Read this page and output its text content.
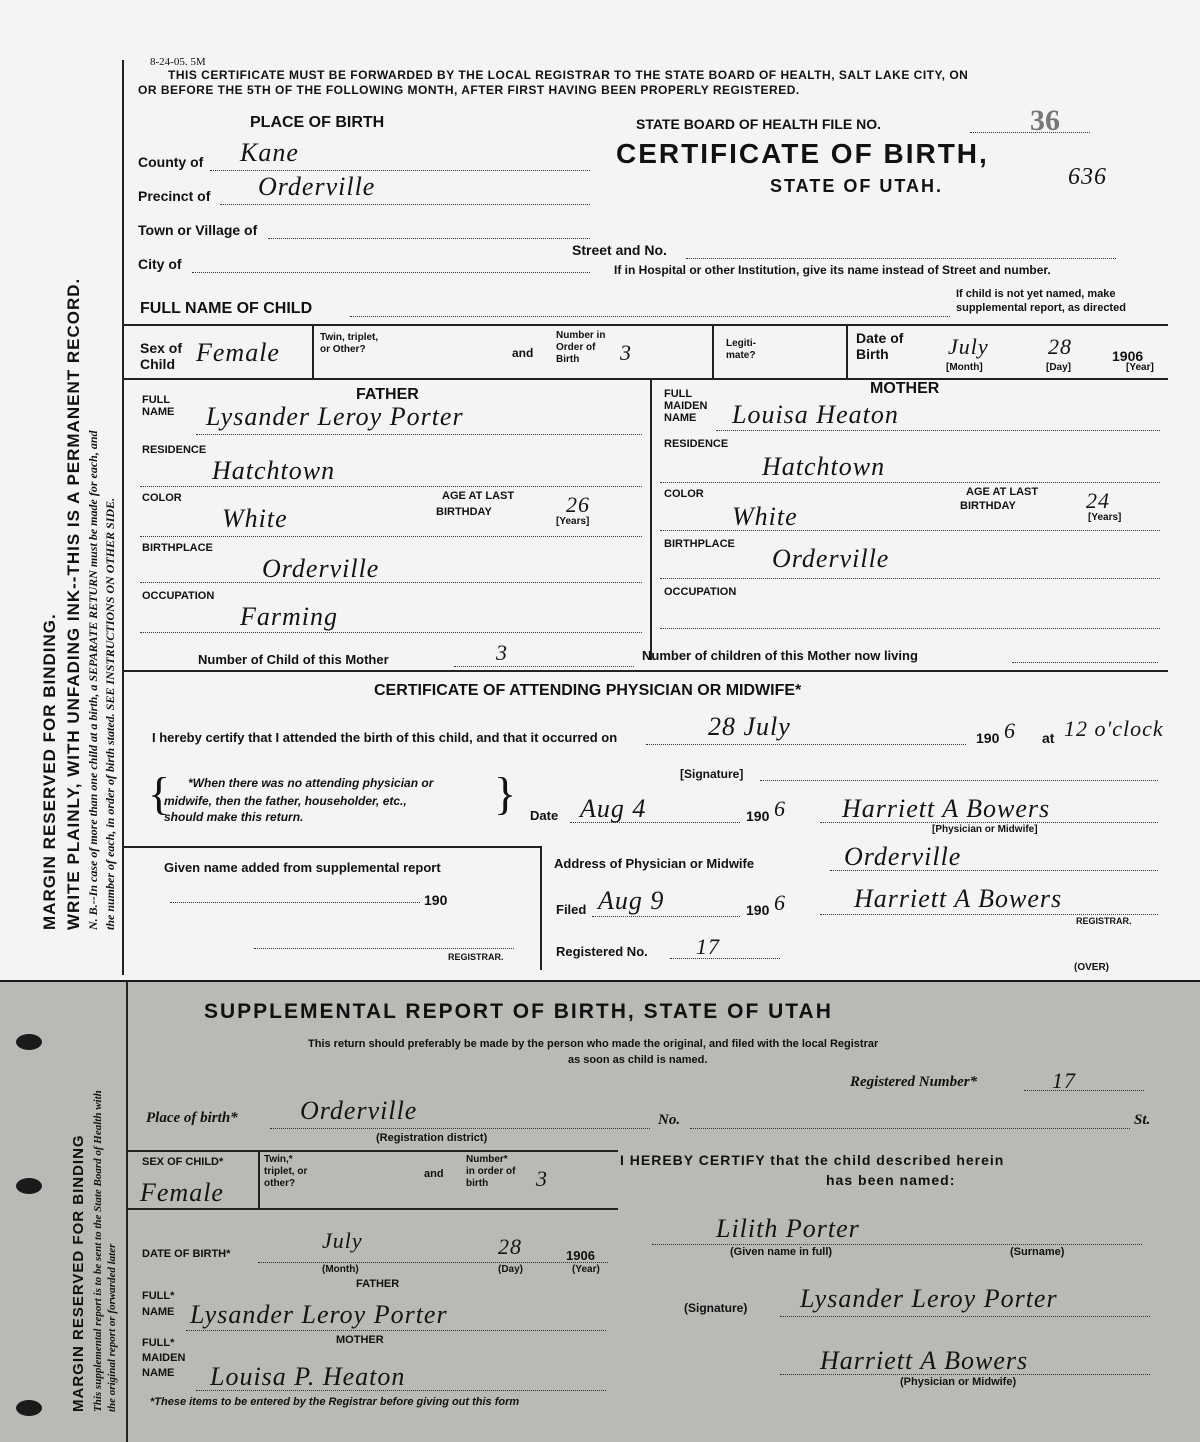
MARGIN RESERVED FOR BINDING. WRITE PLAINLY, WITH UNFADING INK--THIS IS A PERMANENT RECORD. N. B.--In case of more than one child at a birth, a SEPARATE RETURN must be made for each, and the number of each, in order of birth stated. SEE INSTRUCTIONS ON OTHER SIDE.
8-24-05. 5M
THIS CERTIFICATE MUST BE FORWARDED BY THE LOCAL REGISTRAR TO THE STATE BOARD OF HEALTH, SALT LAKE CITY, ON
OR BEFORE THE 5TH OF THE FOLLOWING MONTH, AFTER FIRST HAVING BEEN PROPERLY REGISTERED.
PLACE OF BIRTH
County of Kane
Precinct of Orderville
Town or Village of
City of
STATE BOARD OF HEALTH FILE NO.	36
CERTIFICATE OF BIRTH,
STATE OF UTAH.	636
Street and No.
If in Hospital or other Institution, give its name instead of Street and number.
FULL NAME OF CHILD
If child is not yet named, make
supplemental report, as directed
Sex of Child Female
Twin, triplet, or Other?	and
Number in Order of Birth	3	Legiti-mate?
Date of Birth	July	28	1906
[Month]	[Day]	[Year]
FATHER
FULL NAME	Lysander Leroy Porter
RESIDENCE
Hatchtown
COLOR
White
AGE AT LAST
BIRTHDAY	26
[Years]
BIRTHPLACE
Orderville
OCCUPATION
Farming
MOTHER
FULL MAIDEN NAME	Louisa Heaton
RESIDENCE
Hatchtown
COLOR
White
AGE AT LAST
BIRTHDAY	24
[Years]
BIRTHPLACE Orderville
OCCUPATION
Number of Child of this Mother	3	Number of children of this Mother now living
CERTIFICATE OF ATTENDING PHYSICIAN OR MIDWIFE*
I hereby certify that I attended the birth of this child, and that it occurred on	28 July	190 6 at 12 o'clock
[Signature]
{ *When there was no attending physician or
midwife, then the father, householder, etc.,
should make this return.	} Date Aug 4	190 6 Harriett A Bowers
[Physician or Midwife]
Given name added from supplemental report
190
REGISTRAR.
Address of Physician or Midwife	Orderville
Filed Aug 9	190 6	Harriett A Bowers
REGISTRAR.
Registered No. 17
(OVER)
MARGIN RESERVED FOR BINDING This supplemental report is to be sent to the State Board of Health with the original report or forwarded later
SUPPLEMENTAL REPORT OF BIRTH, STATE OF UTAH
This return should preferably be made by the person who made the original, and filed with the local Registrar
as soon as child is named.
Registered Number*	17
Place of birth* Orderville	No.	St.
(Registration district)
SEX OF CHILD*
Female
Twin,* triplet, or other?
and
Number* in order of birth	3
DATE OF BIRTH*
July	28	1906
(Month)	(Day)	(Year)
FATHER
FULL* NAME Lysander Leroy Porter
MOTHER
FULL* MAIDEN NAME	Louisa P. Heaton
*These items to be entered by the Registrar before giving out this form
I HEREBY CERTIFY that the child described herein
has been named:
Lilith Porter
(Given name in full)	(Surname)
(Signature) Lysander Leroy Porter
Harriett A Bowers
(Physician or Midwife)
